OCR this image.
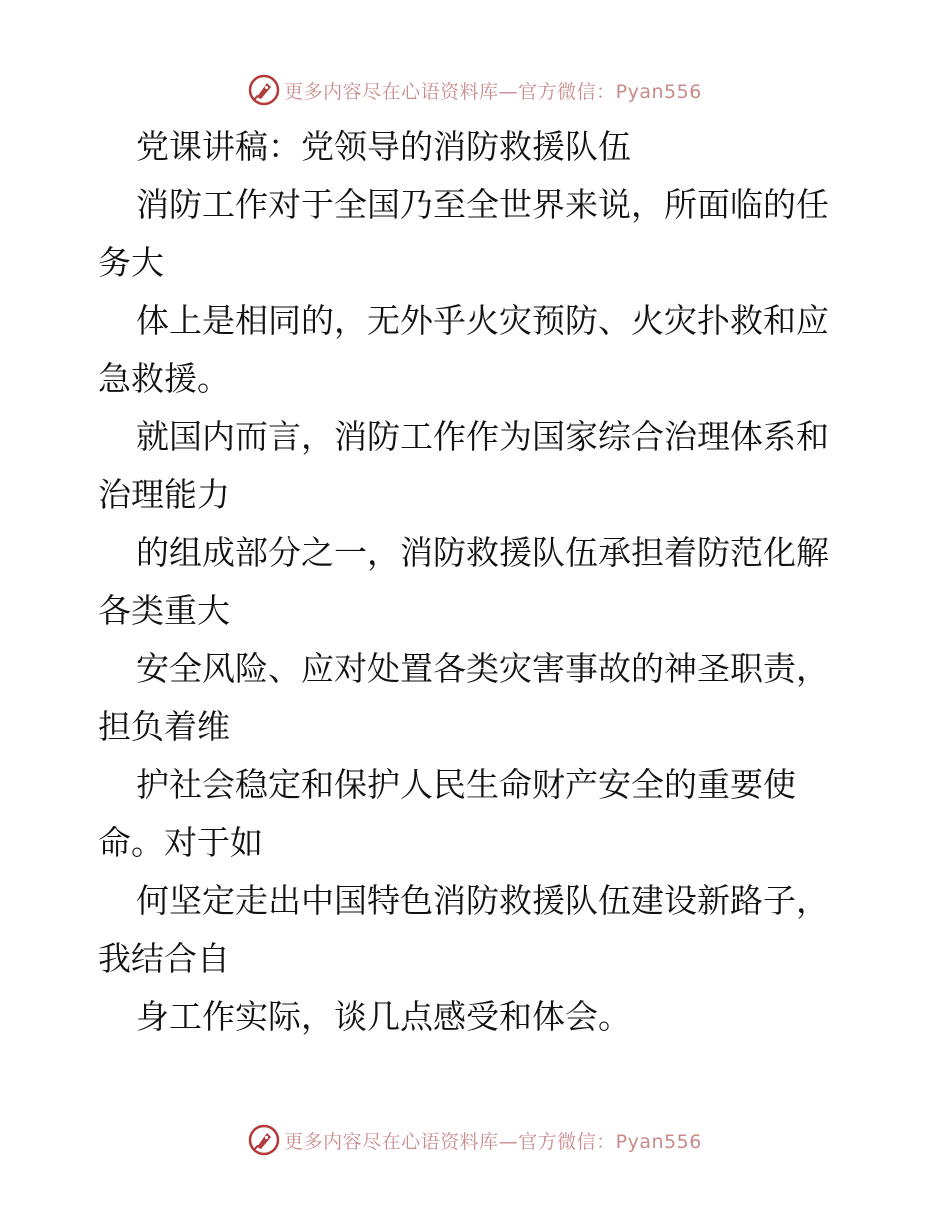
更多内容尽在心语资料库—官方微信：Pyan556

党课讲稿：党领导的消防救援队伍

消防工作对于全国乃至全世界来说，所面临的任

务大

体上是相同的，无外乎火灾预防、火灾扑救和应

急救援。

就国内而言，消防工作作为国家综合治理体系和

治理能力

的组成部分之一，消防救援队伍承担着防范化解

各类重大

安全风险、应对处置各类灾害事故的神圣职责，

担负着维

护社会稳定和保护人民生命财产安全的重要使

命。对于如

何坚定走出中国特色消防救援队伍建设新路子，

我结合自

身工作实际，谈几点感受和体会。

更多内容尽在心语资料库—官方微信：Pyan556
